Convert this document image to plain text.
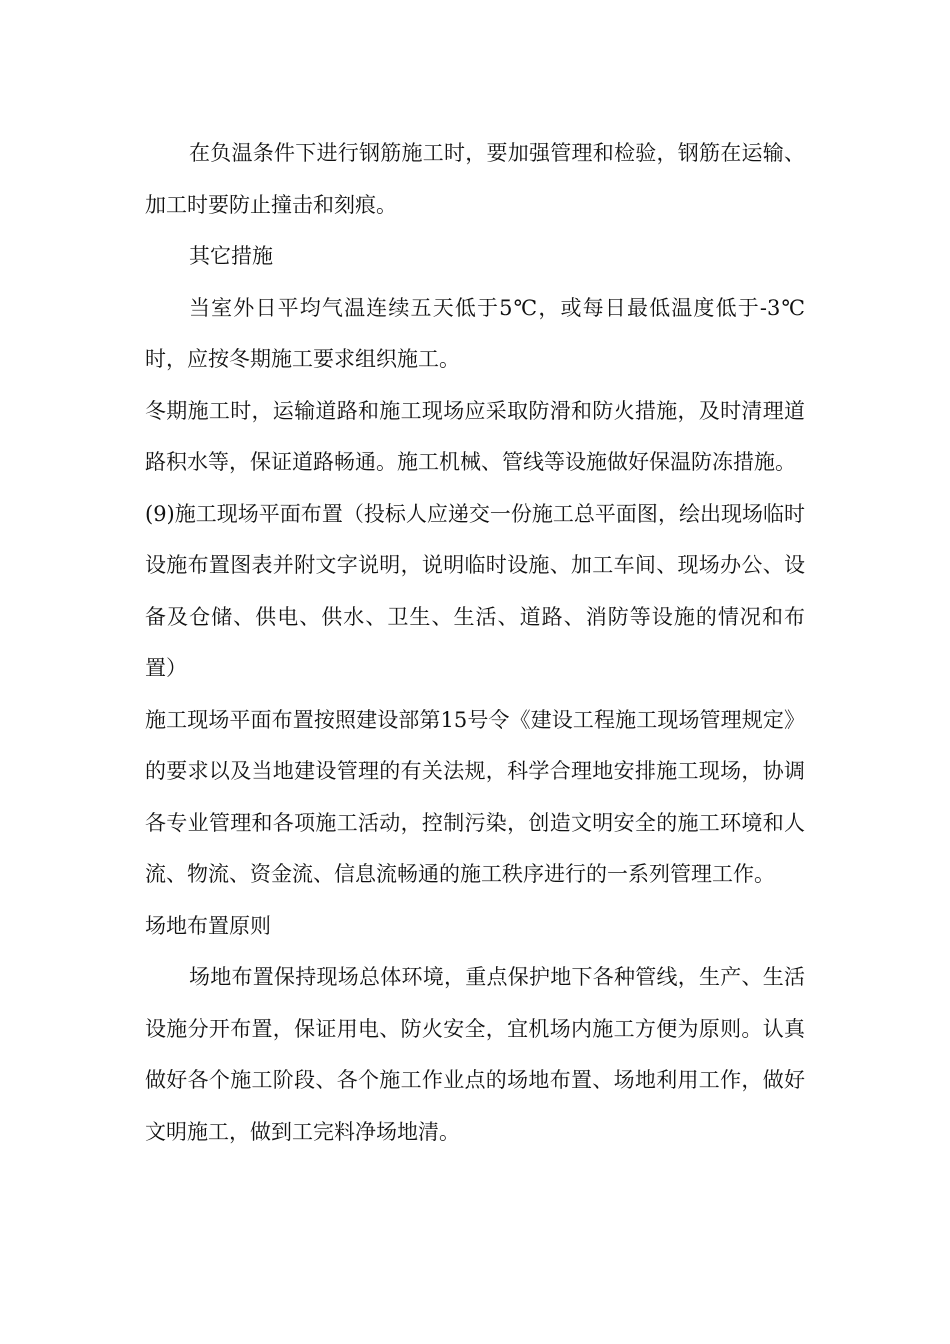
在负温条件下进行钢筋施工时，要加强管理和检验，钢筋在运输、加工时要防止撞击和刻痕。

其它措施

当室外日平均气温连续五天低于5℃，或每日最低温度低于-3℃时，应按冬期施工要求组织施工。

冬期施工时，运输道路和施工现场应采取防滑和防火措施，及时清理道路积水等，保证道路畅通。施工机械、管线等设施做好保温防冻措施。

(9)施工现场平面布置（投标人应递交一份施工总平面图，绘出现场临时设施布置图表并附文字说明，说明临时设施、加工车间、现场办公、设备及仓储、供电、供水、卫生、生活、道路、消防等设施的情况和布置）

施工现场平面布置按照建设部第15号令《建设工程施工现场管理规定》的要求以及当地建设管理的有关法规，科学合理地安排施工现场，协调各专业管理和各项施工活动，控制污染，创造文明安全的施工环境和人流、物流、资金流、信息流畅通的施工秩序进行的一系列管理工作。

场地布置原则

场地布置保持现场总体环境，重点保护地下各种管线，生产、生活设施分开布置，保证用电、防火安全，宜机场内施工方便为原则。认真做好各个施工阶段、各个施工作业点的场地布置、场地利用工作，做好文明施工，做到工完料净场地清。
